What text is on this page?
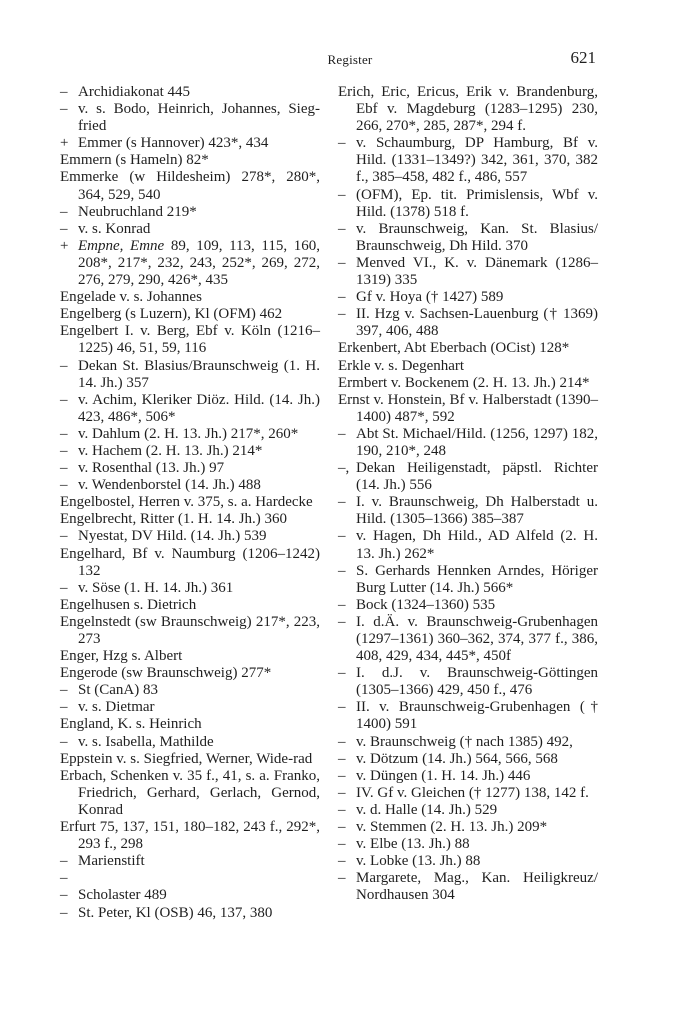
Register	621

–Archidiakonat 445

–v. s. Bodo, Heinrich, Johannes, Sieg-fried

+Emmer (s Hannover) 423*, 434

Emmern (s Hameln) 82*

Emmerke (w Hildesheim) 278*, 280*, 364, 529, 540

–Neubruchland 219*

–v. s. Konrad

+Empne, Emne 89, 109, 113, 115, 160, 208*, 217*, 232, 243, 252*, 269, 272, 276, 279, 290, 426*, 435

Engelade v. s. Johannes

Engelberg (s Luzern), Kl (OFM) 462

Engelbert I. v. Berg, Ebf v. Köln (1216–1225) 46, 51, 59, 116

–Dekan St. Blasius/Braunschweig (1. H. 14. Jh.) 357

–v. Achim, Kleriker Diöz. Hild. (14. Jh.) 423, 486*, 506*

–v. Dahlum (2. H. 13. Jh.) 217*, 260*

–v. Hachem (2. H. 13. Jh.) 214*

–v. Rosenthal (13. Jh.) 97

–v. Wendenborstel (14. Jh.) 488

Engelbostel, Herren v. 375, s. a. Hardecke

Engelbrecht, Ritter (1. H. 14. Jh.) 360

–Nyestat, DV Hild. (14. Jh.) 539

Engelhard, Bf v. Naumburg (1206–1242) 132

–v. Söse (1. H. 14. Jh.) 361

Engelhusen s. Dietrich

Engelnstedt (sw Braunschweig) 217*, 223, 273

Enger, Hzg s. Albert

Engerode (sw Braunschweig) 277*

–St (CanA) 83

–v. s. Dietmar

England, K. s. Heinrich

–v. s. Isabella, Mathilde

Eppstein v. s. Siegfried, Werner, Wide-rad

Erbach, Schenken v. 35 f., 41, s. a. Franko, Friedrich, Gerhard, Gerlach, Gernod, Konrad

Erfurt 75, 137, 151, 180–182, 243 f., 292*, 293 f., 298

–Marienstift

– –Scholaster 489

–St. Peter, Kl (OSB) 46, 137, 380

Erich, Eric, Ericus, Erik v. Brandenburg, Ebf v. Magdeburg (1283–1295) 230, 266, 270*, 285, 287*, 294 f.

–v. Schaumburg, DP Hamburg, Bf v. Hild. (1331–1349?) 342, 361, 370, 382 f., 385–458, 482 f., 486, 557

–(OFM), Ep. tit. Primislensis, Wbf v. Hild. (1378) 518 f.

–v. Braunschweig, Kan. St. Blasius/ Braunschweig, Dh Hild. 370

–Menved VI., K. v. Dänemark (1286–1319) 335

–Gf v. Hoya († 1427) 589

–II. Hzg v. Sachsen-Lauenburg († 1369) 397, 406, 488

Erkenbert, Abt Eberbach (OCist) 128*

Erkle v. s. Degenhart

Ermbert v. Bockenem (2. H. 13. Jh.) 214*

Ernst v. Honstein, Bf v. Halberstadt (1390–1400) 487*, 592

–Abt St. Michael/Hild. (1256, 1297) 182, 190, 210*, 248

–,Dekan Heiligenstadt, päpstl. Richter (14. Jh.) 556

–I. v. Braunschweig, Dh Halberstadt u. Hild. (1305–1366) 385–387

–v. Hagen, Dh Hild., AD Alfeld (2. H. 13. Jh.) 262*

–S. Gerhards Hennken Arndes, Höriger Burg Lutter (14. Jh.) 566*

–Bock (1324–1360) 535

–I. d.Ä. v. Braunschweig-Grubenhagen (1297–1361) 360–362, 374, 377 f., 386, 408, 429, 434, 445*, 450f

–I. d.J. v. Braunschweig-Göttingen (1305–1366) 429, 450 f., 476

–II. v. Braunschweig-Grubenhagen († 1400) 591

–v. Braunschweig († nach 1385) 492,

–v. Dötzum (14. Jh.) 564, 566, 568

–v. Düngen (1. H. 14. Jh.) 446

–IV. Gf v. Gleichen († 1277) 138, 142 f.

–v. d. Halle (14. Jh.) 529

–v. Stemmen (2. H. 13. Jh.) 209*

–v. Elbe (13. Jh.) 88

–v. Lobke (13. Jh.) 88

–Margarete, Mag., Kan. Heiligkreuz/ Nordhausen 304
